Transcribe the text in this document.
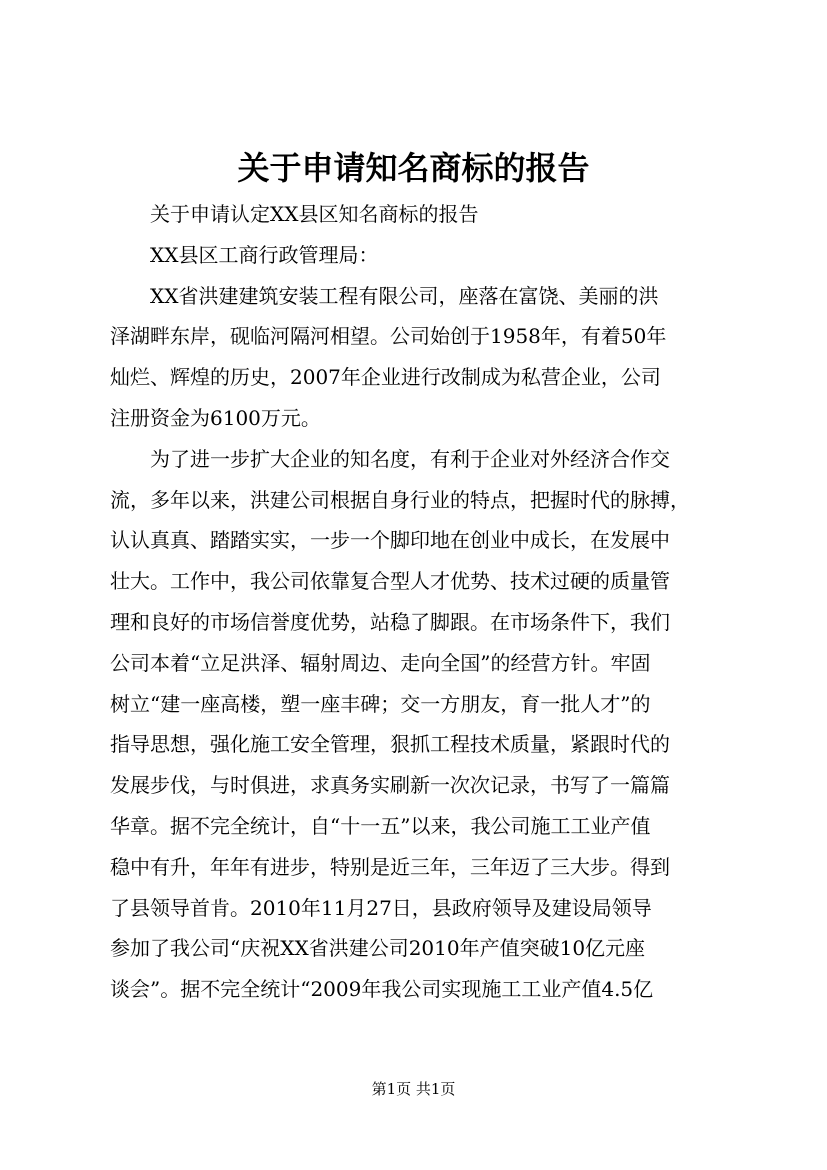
关于申请知名商标的报告

关于申请认定XX县区知名商标的报告

XX县区工商行政管理局：

XX省洪建建筑安装工程有限公司，座落在富饶、美丽的洪

泽湖畔东岸，砚临河隔河相望。公司始创于1958年，有着50年

灿烂、辉煌的历史，2007年企业进行改制成为私营企业，公司

注册资金为6100万元。

为了进一步扩大企业的知名度，有利于企业对外经济合作交

流，多年以来，洪建公司根据自身行业的特点，把握时代的脉搏，

认认真真、踏踏实实，一步一个脚印地在创业中成长，在发展中

壮大。工作中，我公司依靠复合型人才优势、技术过硬的质量管

理和良好的市场信誉度优势，站稳了脚跟。在市场条件下，我们

公司本着“立足洪泽、辐射周边、走向全国”的经营方针。牢固

树立“建一座高楼，塑一座丰碑；交一方朋友，育一批人才”的

指导思想，强化施工安全管理，狠抓工程技术质量，紧跟时代的

发展步伐，与时俱进，求真务实刷新一次次记录，书写了一篇篇

华章。据不完全统计，自“十一五”以来，我公司施工工业产值

稳中有升，年年有进步，特别是近三年，三年迈了三大步。得到

了县领导首肯。2010年11月27日，县政府领导及建设局领导

参加了我公司“庆祝XX省洪建公司2010年产值突破10亿元座

谈会”。据不完全统计“2009年我公司实现施工工业产值4.5亿

第1页 共1页
